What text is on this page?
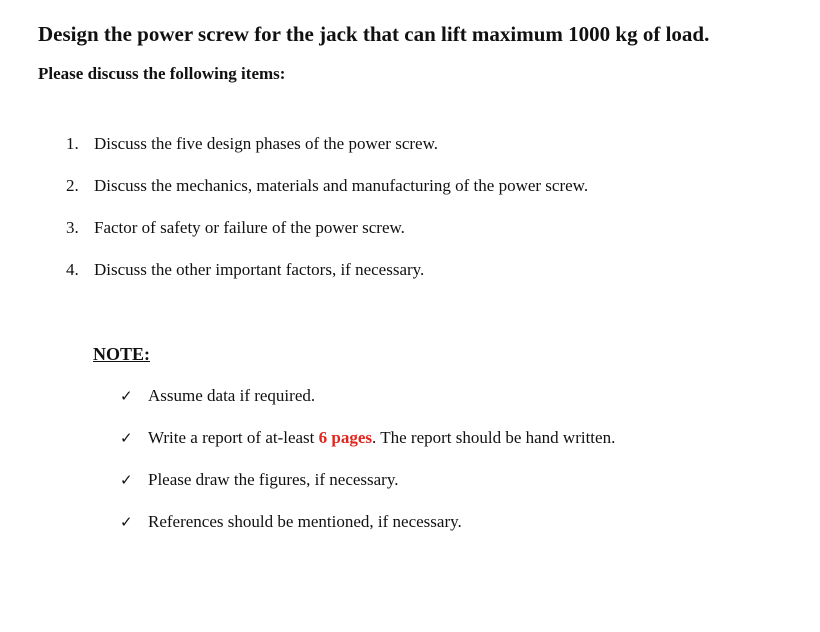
Design the power screw for the jack that can lift maximum 1000 kg of load.
Please discuss the following items:
1. Discuss the five design phases of the power screw.
2. Discuss the mechanics, materials and manufacturing of the power screw.
3. Factor of safety or failure of the power screw.
4. Discuss the other important factors, if necessary.
NOTE:
✓ Assume data if required.
✓ Write a report of at-least 6 pages. The report should be hand written.
✓ Please draw the figures, if necessary.
✓ References should be mentioned, if necessary.
